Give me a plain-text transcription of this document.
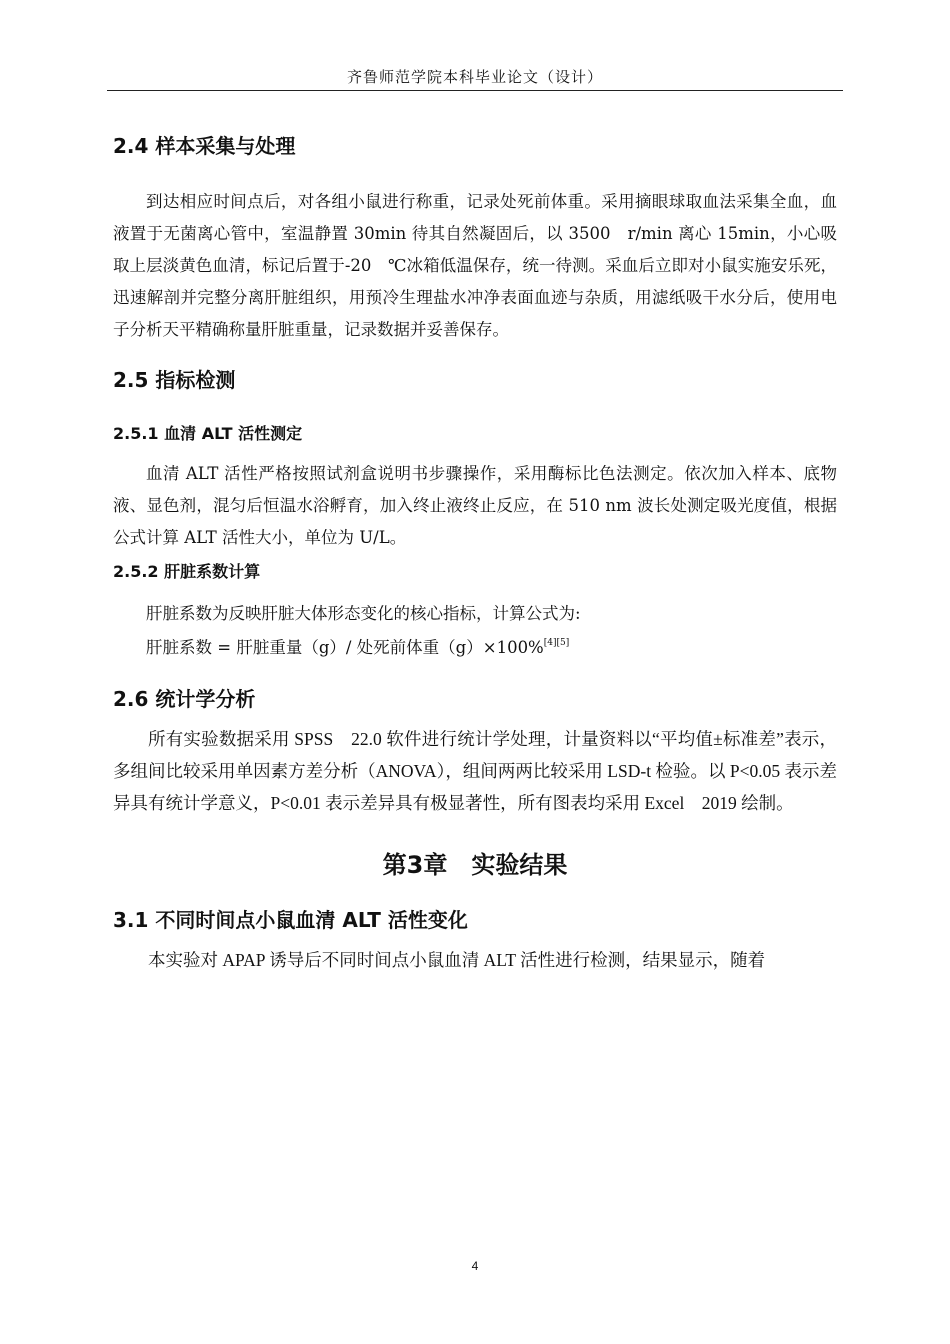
齐鲁师范学院本科毕业论文（设计）
2.4 样本采集与处理

到达相应时间点后，对各组小鼠进行称重，记录处死前体重。采用摘眼球取血法采集全血，血液置于无菌离心管中，室温静置 30min 待其自然凝固后，以 3500　r/min 离心 15min，小心吸取上层淡黄色血清，标记后置于-20　℃冰箱低温保存，统一待测。采血后立即对小鼠实施安乐死，迅速解剖并完整分离肝脏组织，用预冷生理盐水冲净表面血迹与杂质，用滤纸吸干水分后，使用电子分析天平精确称量肝脏重量，记录数据并妥善保存。

2.5 指标检测
2.5.1 血清 ALT 活性测定

血清 ALT 活性严格按照试剂盒说明书步骤操作，采用酶标比色法测定。依次加入样本、底物液、显色剂，混匀后恒温水浴孵育，加入终止液终止反应，在 510 nm 波长处测定吸光度值，根据公式计算 ALT 活性大小，单位为 U/L。

2.5.2 肝脏系数计算

肝脏系数为反映肝脏大体形态变化的核心指标，计算公式为:

肝脏系数 = 肝脏重量（g）/ 处死前体重（g）×100%[4][5]

2.6 统计学分析

所有实验数据采用 SPSS　22.0 软件进行统计学处理，计量资料以“平均值±标准差”表示，多组间比较采用单因素方差分析（ANOVA），组间两两比较采用 LSD-t 检验。以 P<0.05 表示差异具有统计学意义，P<0.01 表示差异具有极显著性，所有图表均采用 Excel　2019 绘制。

第3章　实验结果
3.1 不同时间点小鼠血清 ALT 活性变化

本实验对 APAP 诱导后不同时间点小鼠血清 ALT 活性进行检测，结果显示，随着

4
